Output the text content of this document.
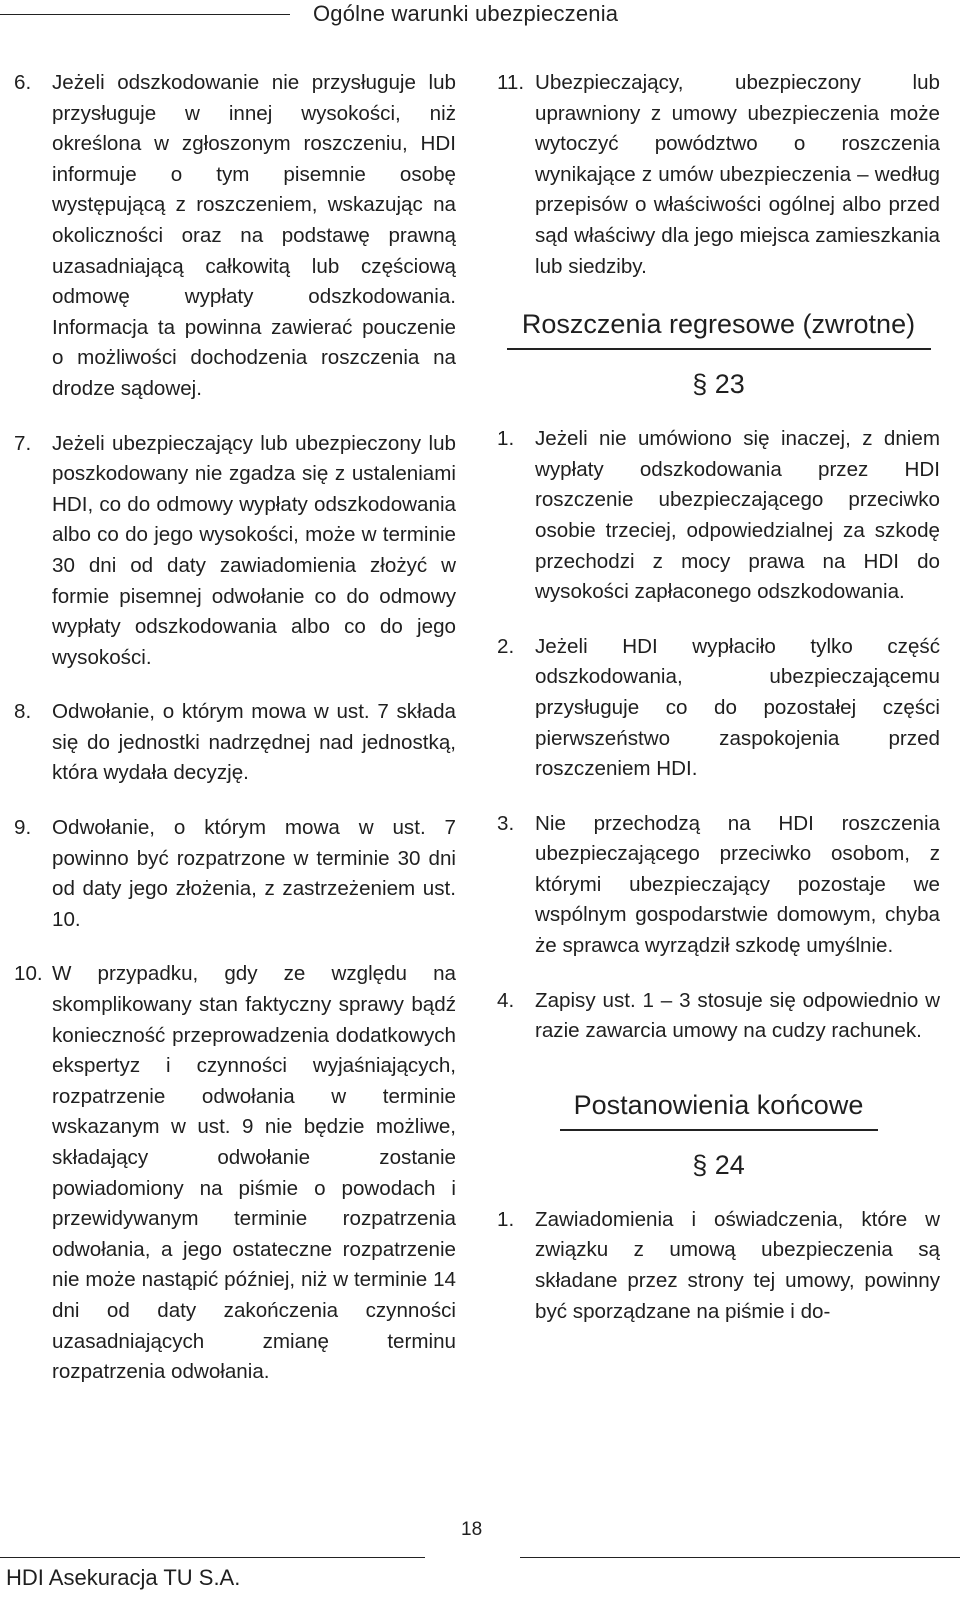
Ogólne warunki ubezpieczenia
6.	Jeżeli odszkodowanie nie przysługuje lub przysługuje w innej wysokości, niż określona w zgłoszonym roszczeniu, HDI informuje o tym pisemnie osobę występującą z roszczeniem, wskazując na okoliczności oraz na podstawę prawną uzasadniającą całkowitą lub częściową odmowę wypłaty odszkodowania. Informacja ta powinna zawierać pouczenie o możliwości dochodzenia roszczenia na drodze sądowej.
7.	Jeżeli ubezpieczający lub ubezpieczony lub poszkodowany nie zgadza się z ustaleniami HDI, co do odmowy wypłaty odszkodowania albo co do jego wysokości, może w terminie 30 dni od daty zawiadomienia złożyć w formie pisemnej odwołanie co do odmowy wypłaty odszkodowania albo co do jego wysokości.
8.	Odwołanie, o którym mowa w ust. 7 składa się do jednostki nadrzędnej nad jednostką, która wydała decyzję.
9.	Odwołanie, o którym mowa w ust. 7 powinno być rozpatrzone w terminie 30 dni od daty jego złożenia, z zastrzeżeniem ust. 10.
10. W przypadku, gdy ze względu na skomplikowany stan faktyczny sprawy bądź konieczność przeprowadzenia dodatkowych ekspertyz i czynności wyjaśniających, rozpatrzenie odwołania w terminie wskazanym w ust. 9 nie będzie możliwe, składający odwołanie zostanie powiadomiony na piśmie o powodach i przewidywanym terminie rozpatrzenia odwołania, a jego ostateczne rozpatrzenie nie może nastąpić później, niż w terminie 14 dni od daty zakończenia czynności uzasadniających zmianę terminu rozpatrzenia odwołania.
11. Ubezpieczający, ubezpieczony lub uprawniony z umowy ubezpieczenia może wytoczyć powództwo o roszczenia wynikające z umów ubezpieczenia – według przepisów o właściwości ogólnej albo przed sąd właściwy dla jego miejsca zamieszkania lub siedziby.
Roszczenia regresowe (zwrotne)
§ 23
1.	Jeżeli nie umówiono się inaczej, z dniem wypłaty odszkodowania przez HDI roszczenie ubezpieczającego przeciwko osobie trzeciej, odpowiedzialnej za szkodę przechodzi z mocy prawa na HDI do wysokości zapłaconego odszkodowania.
2.	Jeżeli HDI wypłaciło tylko część odszkodowania, ubezpieczającemu przysługuje co do pozostałej części pierwszeństwo zaspokojenia przed roszczeniem HDI.
3.	Nie przechodzą na HDI roszczenia ubezpieczającego przeciwko osobom, z którymi ubezpieczający pozostaje we wspólnym gospodarstwie domowym, chyba że sprawca wyrządził szkodę umyślnie.
4.	Zapisy ust. 1 – 3 stosuje się odpowiednio w razie zawarcia umowy na cudzy rachunek.
Postanowienia końcowe
§ 24
1.	Zawiadomienia i oświadczenia, które w związku z umową ubezpieczenia są składane przez strony tej umowy, powinny być sporządzane na piśmie i do-
18
HDI Asekuracja TU S.A.
